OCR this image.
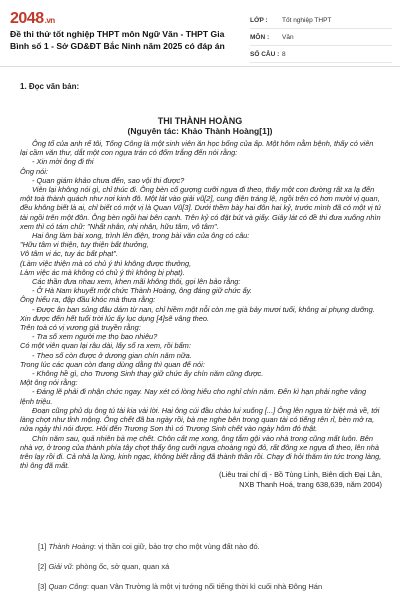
2048.vn
Đề thi thử tốt nghiệp THPT môn Ngữ Văn - THPT Gia Bình số 1 - Sở GD&ĐT Bắc Ninh năm 2025 có đáp án
LỚP :	Tốt nghiệp THPT
MÔN :	Văn
SỐ CÂU : 8
1. Đọc văn bản:
THI THÀNH HOÀNG
(Nguyên tác: Khảo Thành Hoàng[1])

Ông tổ của anh rể tôi, Tống Công là một sinh viên ăn học bổng của ấp. Một hôm nằm bệnh, thấy có viên lại cầm văn thư, dắt một con ngựa trán có đốm trắng đến nói rằng:

- Xin mời ông đi thi

Ông nói:

- Quan giám khảo chưa đến, sao vội thi được?

Viên lại không nói gì, chỉ thúc đi. Ông bèn cố gượng cưỡi ngựa đi theo, thấy một con đường rất xa lạ đến một toà thành quách như nơi kinh đô. Một lát vào giải vũ[2], cung điện tráng lệ, ngồi trên có hơn mười vị quan, đều không biết là ai, chỉ biết có một vị là Quan Vũ[3]. Dưới thềm bày hai đôn hai kỷ, trước mình đã có một vị tú tài ngồi trên một đôn. Ông bèn ngồi hai bên cạnh. Trên kỷ có đặt bút và giấy. Giây lát có đề thi đưa xuống nhìn xem thì có tám chữ: "Nhất nhân, nhị nhân, hữu tâm, vô tâm".

Hai ông làm bài xong, trình lên điện, trong bài văn của ông có câu:

"Hữu tâm vi thiện, tuy thiện bất thưởng,

Vô tâm vi ác, tuy ác bất phạt".

(Làm việc thiện mà có chủ ý thì không được thưởng,

Làm việc ác mà không có chủ ý thì không bị phạt).

Các thần đưa nhau xem, khen mãi không thôi, gọi lên bảo rằng:

- Ở Hà Nam khuyết một chức Thành Hoàng, ông đáng giữ chức ấy.

Ông hiểu ra, đập đầu khóc mà thưa rằng:

- Được ân ban sủng đâu dám từ nan, chỉ hiềm một nỗi còn mẹ già bảy mươi tuổi, không ai phụng dưỡng. Xin được đến hết tuổi trời lúc ấy lục dụng [4]sẽ vâng theo.

Trên toà có vị vương giả truyền rằng:

- Tra số xem người mẹ thọ bao nhiêu?

Có một viên quan lại râu dài, lấy sổ ra xem, rồi bẩm:

- Theo số còn được ở dương gian chín năm nữa.

Trong lúc các quan còn đang dùng dằng thì quan đế nói:

- Không hề gì, cho Trương Sinh thay giữ chức ấy chín năm cũng được.

Một ông nói rằng:

- Đáng lẽ phải đi nhận chức ngay. Nay xét có lòng hiếu cho nghỉ chín năm. Đến kì hạn phải nghe vâng lệnh triệu.

Đoạn cũng phủ dụ ông tú tài kia vài lời. Hai ông cúi đầu chào lui xuống [...] Ông lên ngựa từ biệt mà về, tới làng chợt như tỉnh mộng. Ông chết đã ba ngày rồi, bà mẹ nghe bên trong quan tài có tiếng rên rỉ, bèn mở ra, nửa ngày thì nói được. Hỏi đến Trương Sơn thì có Trương Sinh chết vào ngày hôm đó thật.

Chín năm sau, quả nhiên bà mẹ chết. Chôn cất mẹ xong, ông tắm gội vào nhà trong cũng mất luôn. Bên nhà vợ, ở trong của thành phía tây chợt thấy ông cưỡi ngựa choàng ngù đỏ, rất đông xe ngựa đi theo, lên nhà trên lạy rồi đi. Cả nhà lạ lùng, kinh ngạc, không biết rằng đã thành thần rồi. Chạy đi hỏi thăm tin tức trong làng, thì ông đã mất.

(Liêu trai chí dị - Bồ Tùng Linh, Biên dịch Đại Lân,

NXB Thanh Hoá, trang 638,639, năm 2004)

[1] Thành Hoàng: vị thần coi giữ, bảo trợ cho một vùng đất nào đó.
[2] Giải vũ: phòng ốc, sở quan, quan xá
[3] Quan Công: quan Vân Trường là một vị tướng nổi tiếng thời kì cuối nhà Đông Hán
